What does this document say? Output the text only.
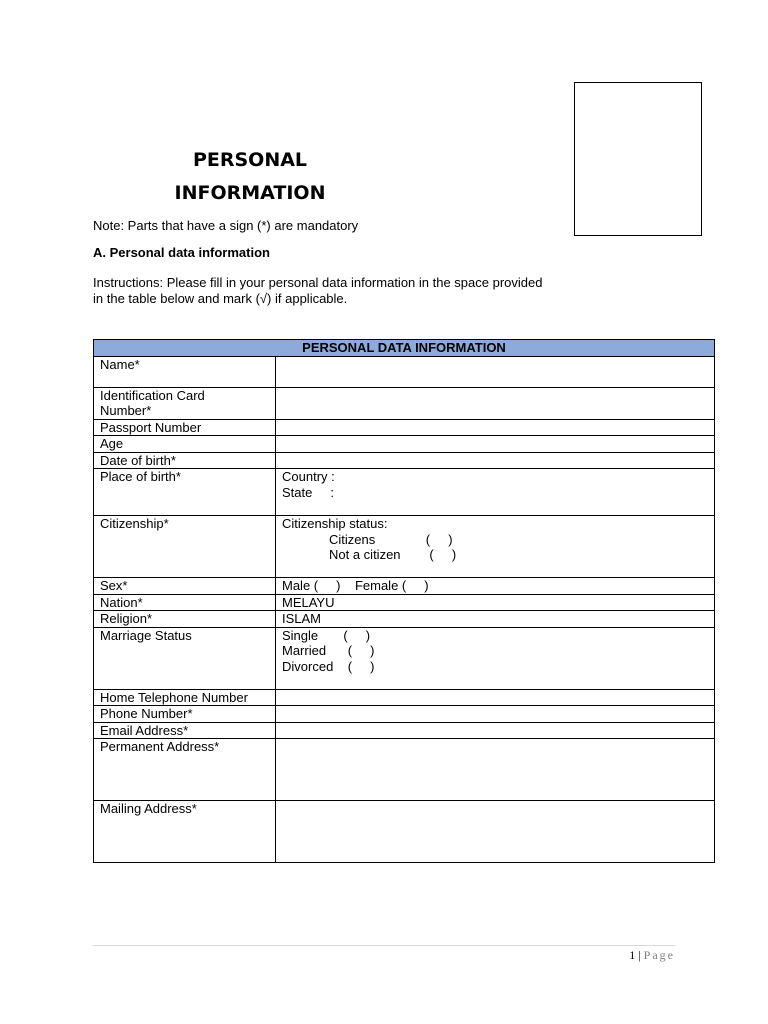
PERSONAL
INFORMATION
Note: Parts that have a sign (*) are mandatory
A. Personal data information
Instructions: Please fill in your personal data information in the space provided
in the table below and mark (√) if applicable.
PERSONAL DATA INFORMATION	
Name*	

Identification Card
Number*	

Passport Number	
Age	
Date of birth*	
Place of birth*	Country :
State     :

Citizenship*	Citizenship status:
Citizens              (     )
Not a citizen        (     )

Sex*	Male (     )    Female (     )

Nation*	MELAYU
Religion*	ISLAM
Marriage Status	Single       (     )
Married      (     )
Divorced    (     )

Home Telephone Number	
Phone Number*	
Email Address*	
Permanent Address*	
Mailing Address*	
1 | Page
